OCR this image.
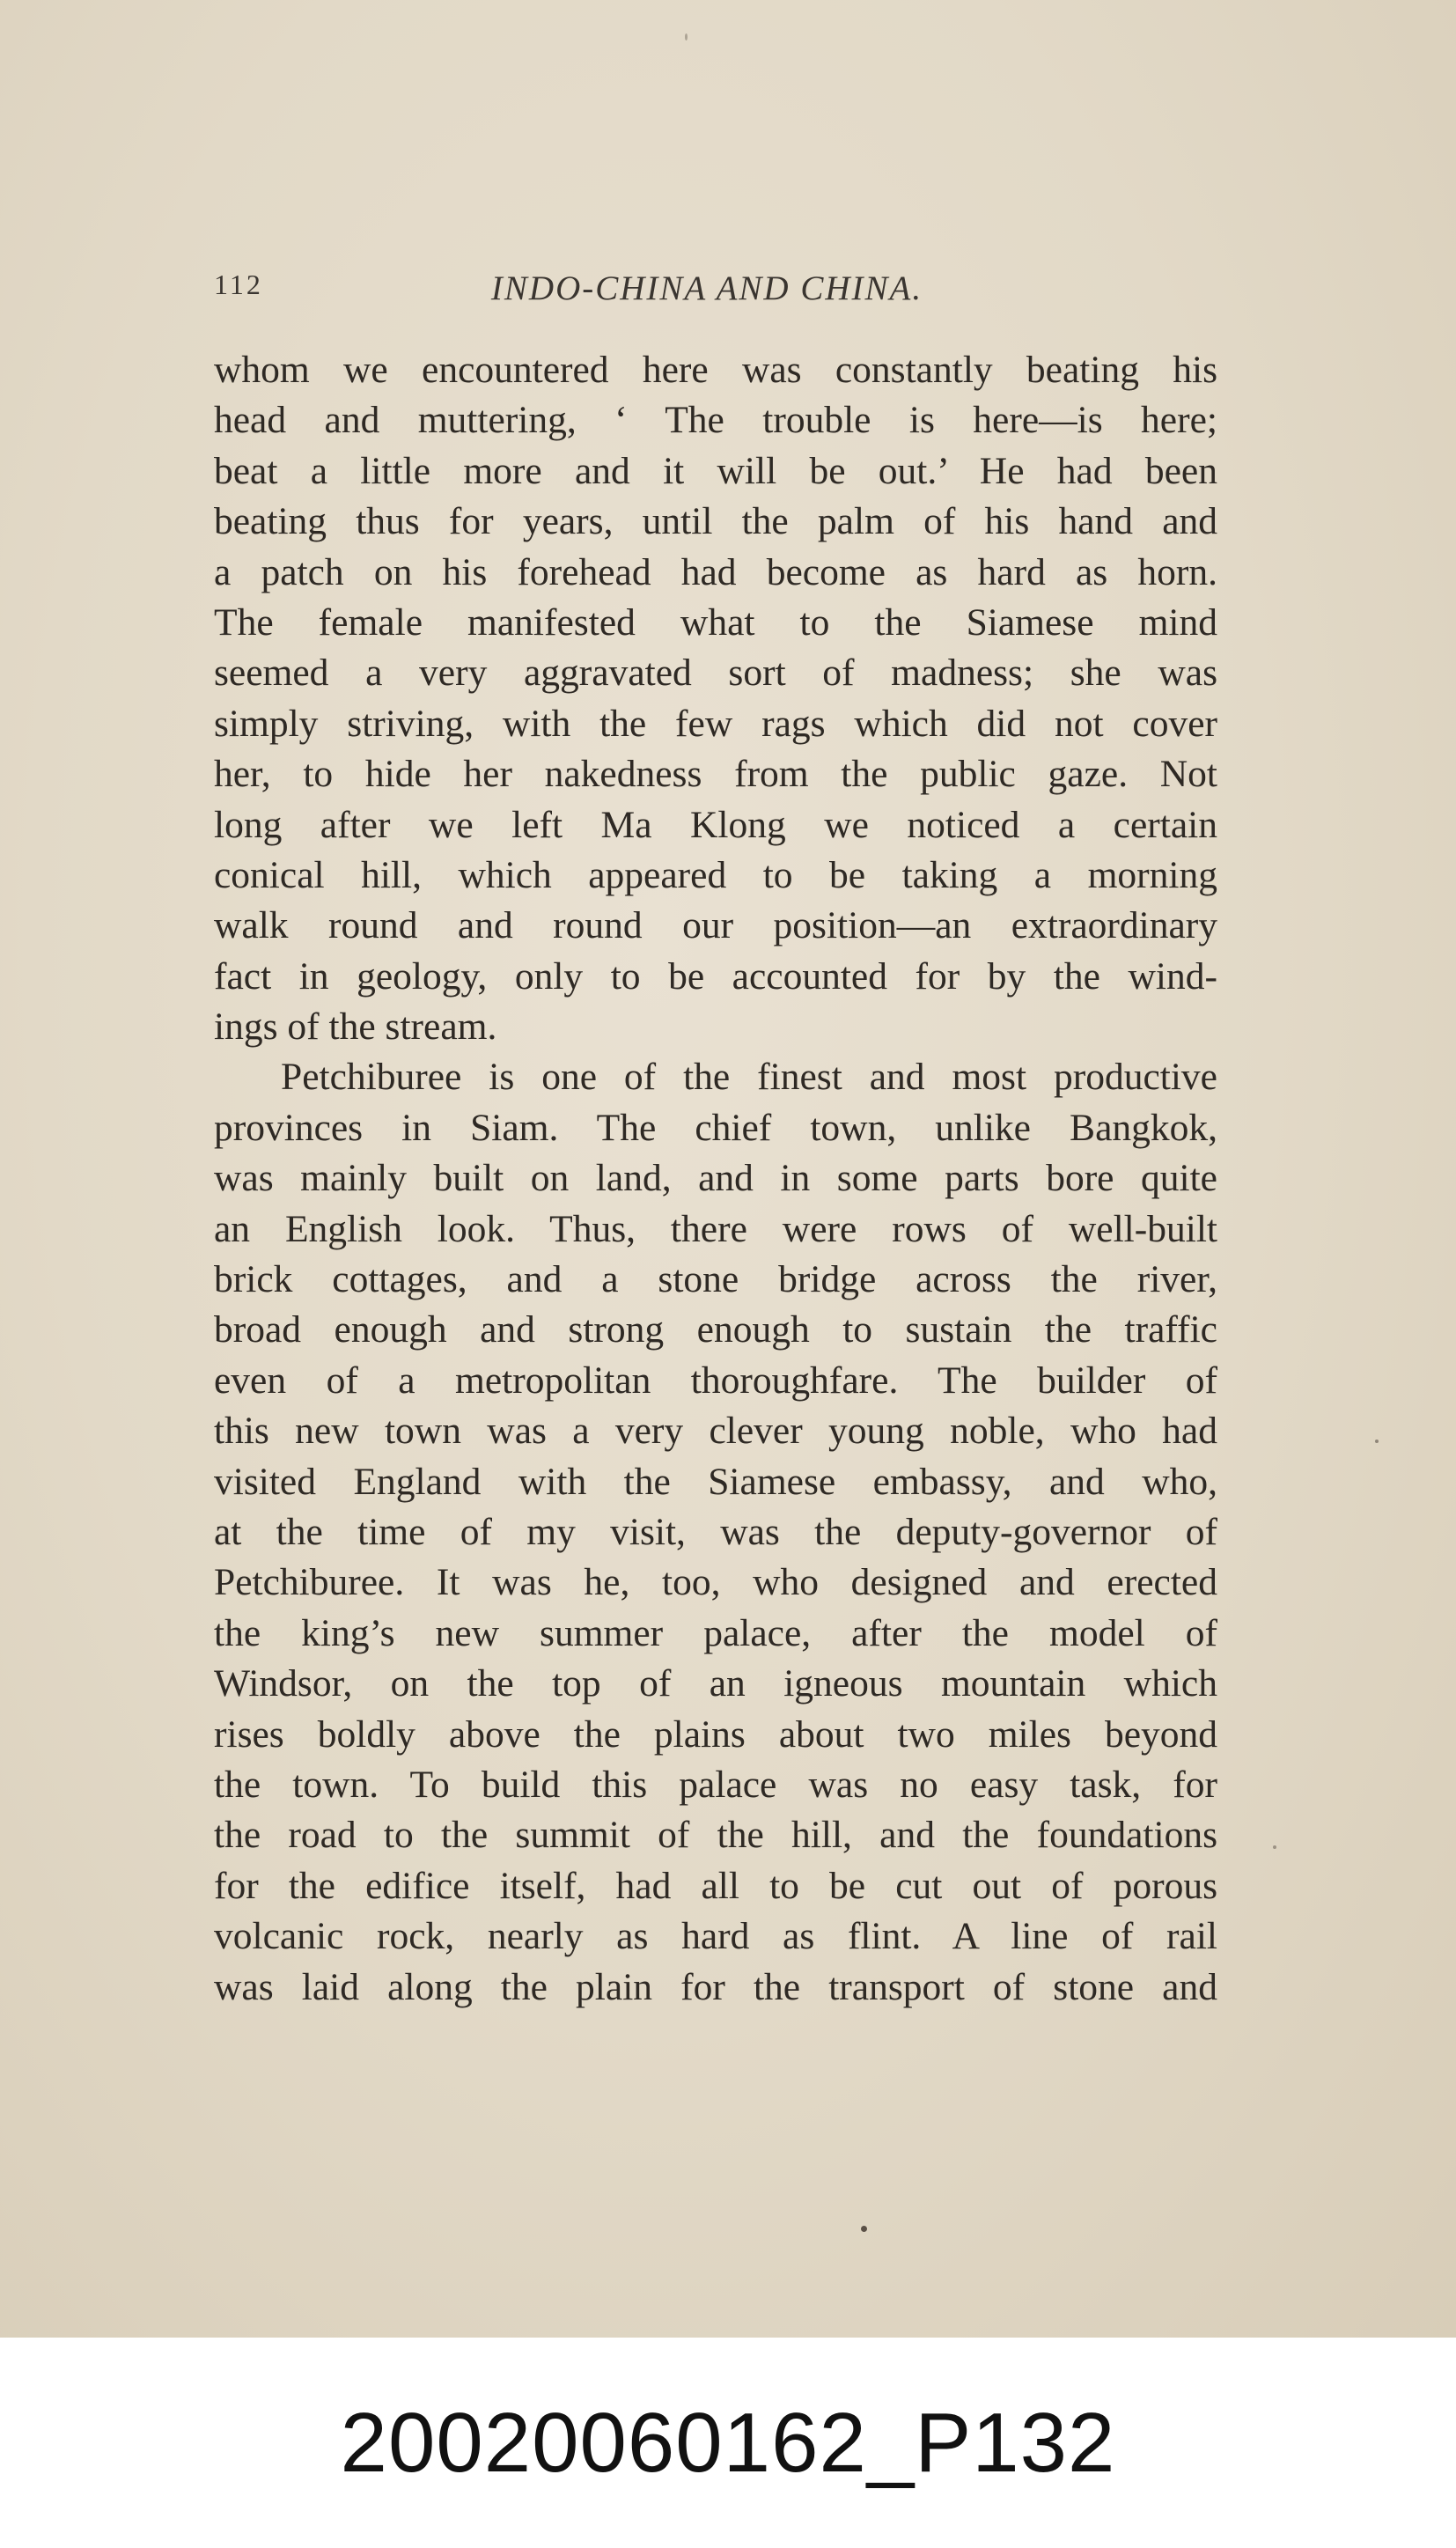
112	INDO-CHINA AND CHINA.
whom we encountered here was constantly beating his
head and muttering, ‘ The trouble is here—is here;
beat a little more and it will be out.’ He had been
beating thus for years, until the palm of his hand and
a patch on his forehead had become as hard as horn.
The female manifested what to the Siamese mind
seemed a very aggravated sort of madness; she was
simply striving, with the few rags which did not cover
her, to hide her nakedness from the public gaze. Not
long after we left Ma Klong we noticed a certain
conical hill, which appeared to be taking a morning
walk round and round our position—an extraordinary
fact in geology, only to be accounted for by the wind-
ings of the stream.
Petchiburee is one of the finest and most productive
provinces in Siam. The chief town, unlike Bangkok,
was mainly built on land, and in some parts bore quite
an English look. Thus, there were rows of well-built
brick cottages, and a stone bridge across the river,
broad enough and strong enough to sustain the traffic
even of a metropolitan thoroughfare. The builder of
this new town was a very clever young noble, who had
visited England with the Siamese embassy, and who,
at the time of my visit, was the deputy-governor of
Petchiburee. It was he, too, who designed and erected
the king’s new summer palace, after the model of
Windsor, on the top of an igneous mountain which
rises boldly above the plains about two miles beyond
the town. To build this palace was no easy task, for
the road to the summit of the hill, and the foundations
for the edifice itself, had all to be cut out of porous
volcanic rock, nearly as hard as flint. A line of rail
was laid along the plain for the transport of stone and
20020060162_P132
